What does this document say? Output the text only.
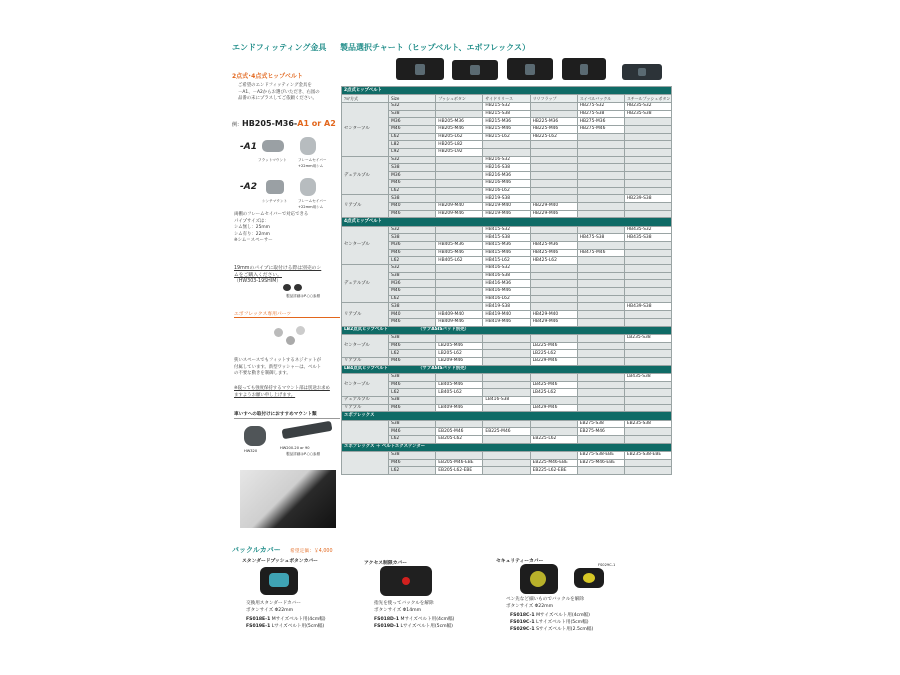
エンドフィッティング金具 製品選択チャート（ヒップベルト、エボフレックス）
2点式･4点式ヒップベルト
ご希望のエンドフィッティング金具を
－A1、－A2からお選びいただき、右図の
品番の末にプラスしてご依頼ください。
例：HB205-M36-A1 or A2
-A1
フラットマウント	フレームセイバー
+22mm用シム
-A2
シンチマウント	フレームセイバー
+22mm用シム
両棚のフレームセイバーで対応できる
パイプサイズは：
シム無し：25mm
シム有り：22mm
※シム＝スペーサー
19mmのパイプに取付ける際は別売のシ
ムをご購入ください。
（HW303-19SHIM）
製品詳細はP.○○参照
エボフレックス専用パーツ
狭いスペースでもフィットするネジナットが
付属しています。新型ワッシャーは、ベルト
の不要な動きを制御します。
※寝っても強度保持するマウント部は別途お求め
ますようお願い申し上げます。
車いすへの取付けにおすすめマウント類
HW320
HW200-20 or 90
製品詳細はP.○○参照
2点式ヒップベルト						
ﾌﾙﾅ方式	Size	プッシュボタン	サイドリリース	リリフラップ	スイベルバックル	スチールプッシュボタン
	S32		HB215-S32		HB275-S32	HB235-S32
	S38		HB215-S38		HB275-S38	HB235-S38
	M36	HB205-M36	HB215-M36	HB225-M36	HB275-M36	
センタープル	M46	HB205-M46	HB215-M46	HB225-M46	HB275-M46	
	L62	HB205-L62	HB215-L62	HB225-L62		
	L82	HB205-L82				
	L92	HB205-L92				
	S32		HB216-S32			
	S38		HB216-S38			
デュアルプル	M36		HB216-M36			
	M46		HB216-M46			
	L62		HB216-L62			
	S38		HB219-S38			HB239-S38
リアプル	M40	HB209-M40	HB219-M40	HB229-M40		
	M46	HB209-M46	HB219-M46	HB229-M46		
4点式ヒップベルト						
	S32		HB415-S32			HB435-S32
	S38		HB415-S38		HB475-S38	HB435-S38
センタープル	M36	HB405-M36	HB415-M36	HB425-M36		
	M46	HB405-M46	HB415-M46	HB425-M46	HB475-M46	
	L62	HB405-L62	HB415-L62	HB425-L62		
	S32		HB416-S32			
	S38		HB416-S38			
デュアルプル	M36		HB416-M36			
	M46		HB416-M46			
	L62		HB416-L62			
	S38		HB419-S38			HB439-S38
リアプル	M40	HB409-M40	HB419-M40	HB429-M40		
	M46	HB409-M46	HB419-M46	HB429-M46		
LB2点式ヒップベルト （サブASISパッド別売）						
	S38					LB235-S38
センタープル	M46	LB205-M46		LB225-M46		
	L62	LB205-L62		LB225-L62		
リアプル	M46	LB209-M46		LB229-M46		
LB4点式ヒップベルト （サブASISパッド別売）						
	S38					LB435-S38
センタープル	M46	LB405-M46		LB425-M46		
	L62	LB405-L62		LB425-L62		
デュアルプル	S38		LB416-S38			
リアプル	M46	LB409-M46		LB429-M46		
エボフレックス						
	S38				EB275-S38	EB235-S38
	M46	EB205-M46	EB225-M46		EB275-M46	
	L62	EB205-L62		EB225-L62		
エボフレックス ＋ ベルトエクステンダー						
	S38				EB275-S38-EBE	EB235-S38-EBE
	M46	EB205-M46-EBE		EB225-M46-EBE	EB275-M46-EBE	
	L62	EB205-L62-EBE		EB225-L62-EBE		
バックルカバー 希望定価：￥4,000
スタンダードプッシュボタンカバー
交換用スタンダードカバー
ボタンサイズ Φ22mm
FS018E-1 Mサイズベルト用(4cm幅)
FS019E-1 Lサイズベルト用(5cm幅)
アクセス制限カバー
指先を使ってバックルを解除
ボタンサイズ Φ14mm
FS018D-1 Mサイズベルト用(4cm幅)
FS019D-1 Lサイズベルト用(5cm幅)
セキュリティーカバー
FS029C-1
ペン先など細いものでバックルを解除
ボタンサイズ Φ22mm
FS018C-1 Mサイズベルト用(4cm幅)
FS019C-1 Lサイズベルト用(5cm幅)
FS029C-1 Sサイズベルト用(2.5cm幅)
